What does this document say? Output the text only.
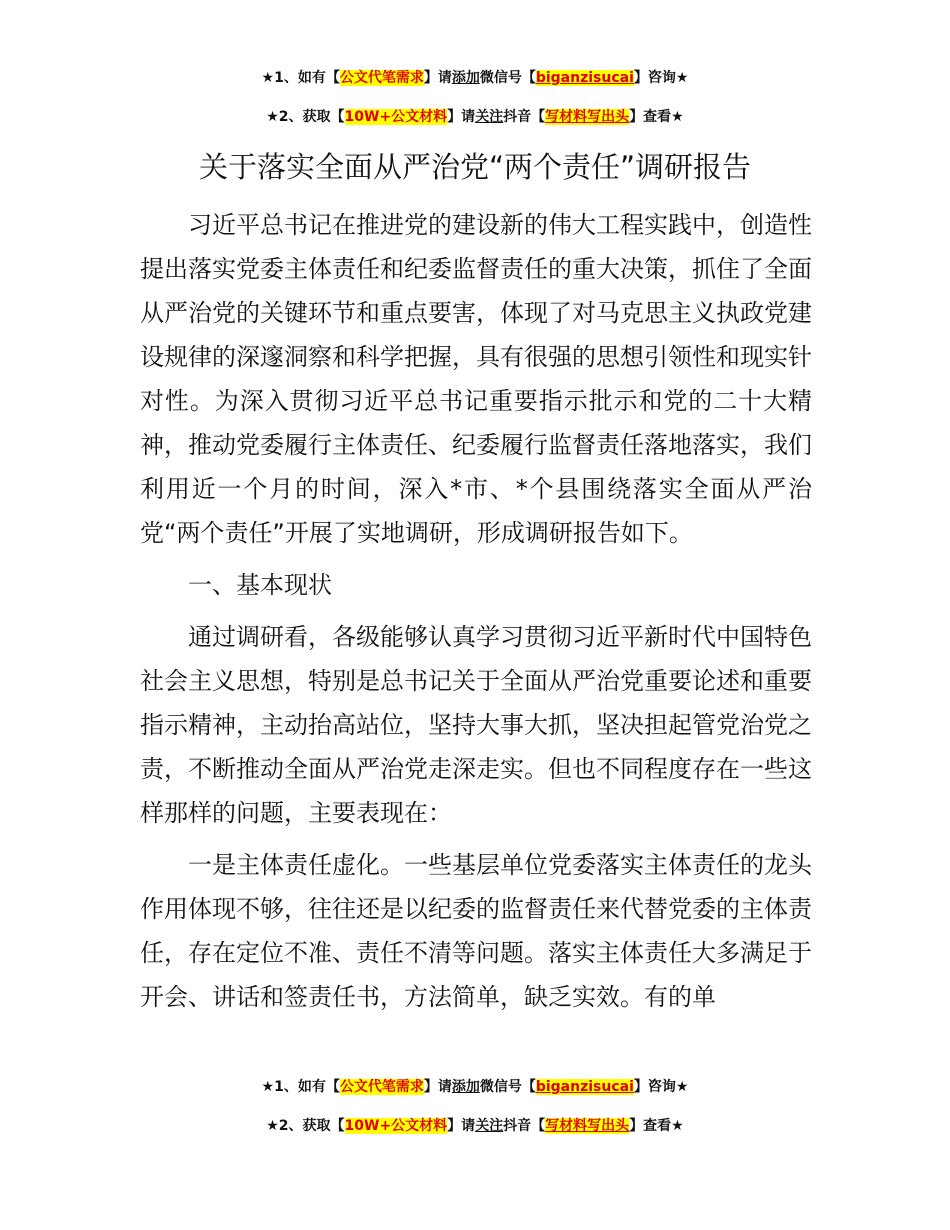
★1、如有【公文代笔需求】请添加微信号【biganzisucai】咨询★
★2、获取【10W+公文材料】请关注抖音【写材料写出头】查看★
关于落实全面从严治党“两个责任”调研报告

习近平总书记在推进党的建设新的伟大工程实践中，创造性提出落实党委主体责任和纪委监督责任的重大决策，抓住了全面从严治党的关键环节和重点要害，体现了对马克思主义执政党建设规律的深邃洞察和科学把握，具有很强的思想引领性和现实针对性。为深入贯彻习近平总书记重要指示批示和党的二十大精神，推动党委履行主体责任、纪委履行监督责任落地落实，我们利用近一个月的时间，深入*市、*个县围绕落实全面从严治党“两个责任”开展了实地调研，形成调研报告如下。

一、基本现状

通过调研看，各级能够认真学习贯彻习近平新时代中国特色社会主义思想，特别是总书记关于全面从严治党重要论述和重要指示精神，主动抬高站位，坚持大事大抓，坚决担起管党治党之责，不断推动全面从严治党走深走实。但也不同程度存在一些这样那样的问题，主要表现在：

一是主体责任虚化。一些基层单位党委落实主体责任的龙头作用体现不够，往往还是以纪委的监督责任来代替党委的主体责任，存在定位不准、责任不清等问题。落实主体责任大多满足于开会、讲话和签责任书，方法简单，缺乏实效。有的单

★1、如有【公文代笔需求】请添加微信号【biganzisucai】咨询★
★2、获取【10W+公文材料】请关注抖音【写材料写出头】查看★
